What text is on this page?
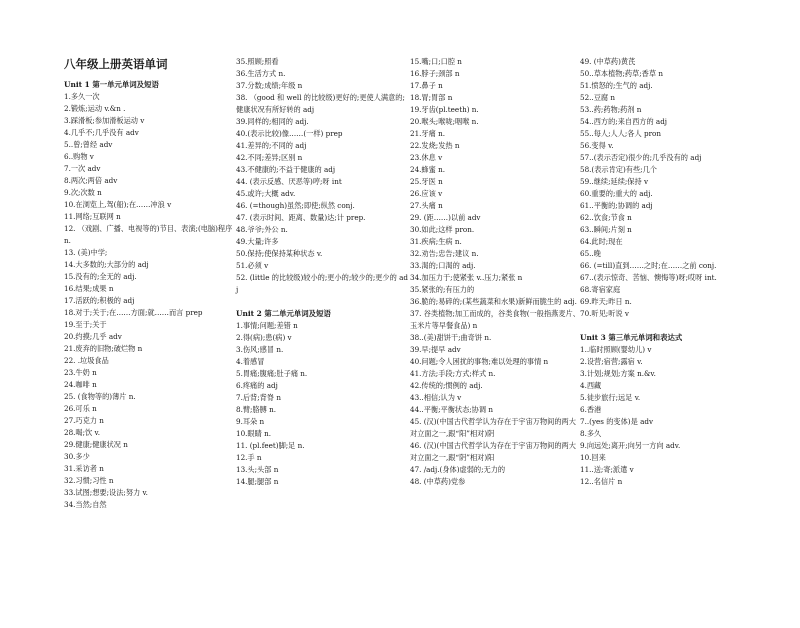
八年级上册英语单词
Unit 1 第一单元单词及短语
1.多久一次
2.锻炼;运动 v.&n .
3.踩滑板;参加滑板运动 v
4.几乎不;几乎没有 adv
5..曾;曾经 adv
6..购物 v
7.一次 adv
8.两次;两倍 adv
9.次;次数 n
10.在浏览上,驾(船);在……冲浪 v
11.网络;互联网 n
12. （戏剧、广播、电视等的)节目、表演;(电脑)程序 n.
13. (美)中学;
14.大多数的;大部分的 adj
15.没有的;全无的 adj.
16.结果;成果 n
17.活跃的;积极的 adj
18.对于;关于;在……方面;就……而言 prep
19.至于;关于
20.约摸;几乎 adv
21.废弃的旧物;破烂物 n
22. .垃圾食品
23.牛奶 n
24.咖啡 n
25. (食物等的)薄片 n.
26.可乐 n
27.巧克力 n
28.喝;饮 v.
29.健康;健康状况 n
30.多少
31.采访者 n
32.习惯;习性 n
33.试图;想要;设法;努力 v.
34.当然;自然
35.照顾;照看
36.生活方式 n.
37.分数;成绩;年级 n
38. （good 和 well 的比较级)更好的;更使人满意的;健康状况有所好转的 adj
39.同样的;相同的 adj.
40.(表示比较)像……(一样) prep
41.差异的;不同的 adj
42.不同;差异;区别 n
43.不健康的;不益于健康的 adj
44. (表示反感、厌恶等)哼;呀 int
45.或许;大概 adv.
46. (=though)虽然;即使;纵然 conj.
47. (表示时间、距离、数量)达;计 prep.
48.爷爷;外公 n.
49.大量;许多
50.保持;使保持某种状态 v.
51.必须 v
52. (little 的比较级)较小的;更小的;较少的;更少的 adj
Unit 2 第二单元单词及短语
1.事情;问题;差错 n
2.得(病);患(病) v
3.伤风;感冒 n.
4.着感冒
5.胃痛;腹痛;肚子痛 n.
6.疼痛的 adj
7.后背;背脊 n
8.臂;胳膊 n.
9.耳朵 n
10.眼睛 n.
11. (pl.feet)脚;足 n.
12.手 n
13.头;头部 n
14.腿;腿部 n
15.嘴;口;口腔 n
16.脖子;颈部 n
17.鼻子 n
18.胃;胃部 n
19.牙齿(pl.teeth) n.
20.喉头;喉咙;咽喉 n.
21.牙痛 n.
22.发烧;发热 n
23.休息 v
24.蜂蜜 n.
25.牙医 n
26.应该 v
27.头痛 n
29. (距……)以前 adv
30.如此;这样 pron.
31.疾病;生病 n.
32.劝告;忠告;建议 n.
33.渴的;口渴的 adj.
34.加压力于;使紧张 v..压力;紧张 n
35.紧张的;有压力的
36.脆的;易碎的;(某些蔬菜和水果)新鲜而脆生的 adj.
37. 谷类植物;加工而成的，谷类食物(一般指燕麦片、玉米片等早餐食品) n
38..(美)甜饼干;曲奇饼 n.
39.早;提早 adv
40.问题;令人困扰的事物;难以处理的事情 n
41.方法;手段;方式;样式 n.
42.传统的;惯例的 adj.
43..相信;认为 v
44..平衡;平衡状态;协调 n
45. (汉)(中国古代哲学认为存在于宇宙万物间的两大对立面之一,跟“阳”相对)阴
46. (汉)(中国古代哲学认为存在于宇宙万物间的两大对立面之一,跟“阴”相对)阳
47. /adj.(身体)虚弱的;无力的
48. (中草药)党参
49. (中草药)黄芪
50..草本植物;药草;香草 n
51.愤怒的;生气的 adj.
52..豆腐 n
53..药;药物;药剂 n
54..西方的;来自西方的 adj
55..每人;人人;各人 pron
56.变得 v.
57..(表示否定)很少的;几乎没有的 adj
58.(表示肯定)有些;几个
59..继续;延续;保持 v
60.重要的;重大的 adj.
61..平衡的;协调的 adj
62..饮食;节食 n
63..瞬间;片刻 n
64.此时;现在
65..晚
66. (=till)直到……之时;在……之前 conj.
67..(表示惊奇、苦恼、懊悔等)呀;哎呀 int.
68.寄宿家庭
69.昨天;昨日 n.
70.听见;听说 v
Unit 3 第三单元单词和表达式
1..临时照顾(婴幼儿) v
2.设营;宿营;露宿 v.
3.计划;规划;方案 n.&v.
4.西藏
5.徒步旅行;远足 v.
6.香港
7..(yes 的变体)是 adv
8.多久
9.向远处;离开;向另一方向 adv.
10.回来
11..送;寄;派遣 v
12..名信片 n
